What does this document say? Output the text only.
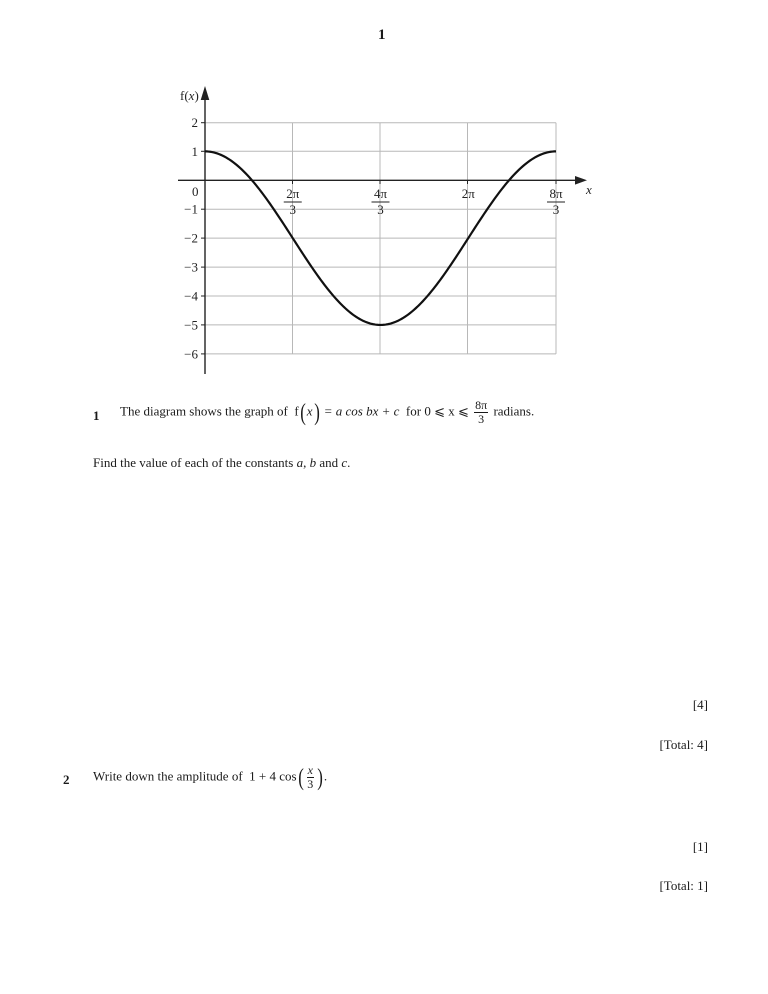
1
f(x)
x
0
2
1
−1
−2
−3
−4
−5
−6
2π
3
4π
3
2π	8π
3
1 The diagram shows the graph of f(x) = a cos bx + c for 0 ⩽ x ⩽ $\frac{8\pi}{3}$ radians.
Find the value of each of the constants a, b and c.
[4]
[Total: 4]
2 Write down the amplitude of 1 + 4 $\cos( \frac{x}{3}$ ).
[1]
[Total: 1]
